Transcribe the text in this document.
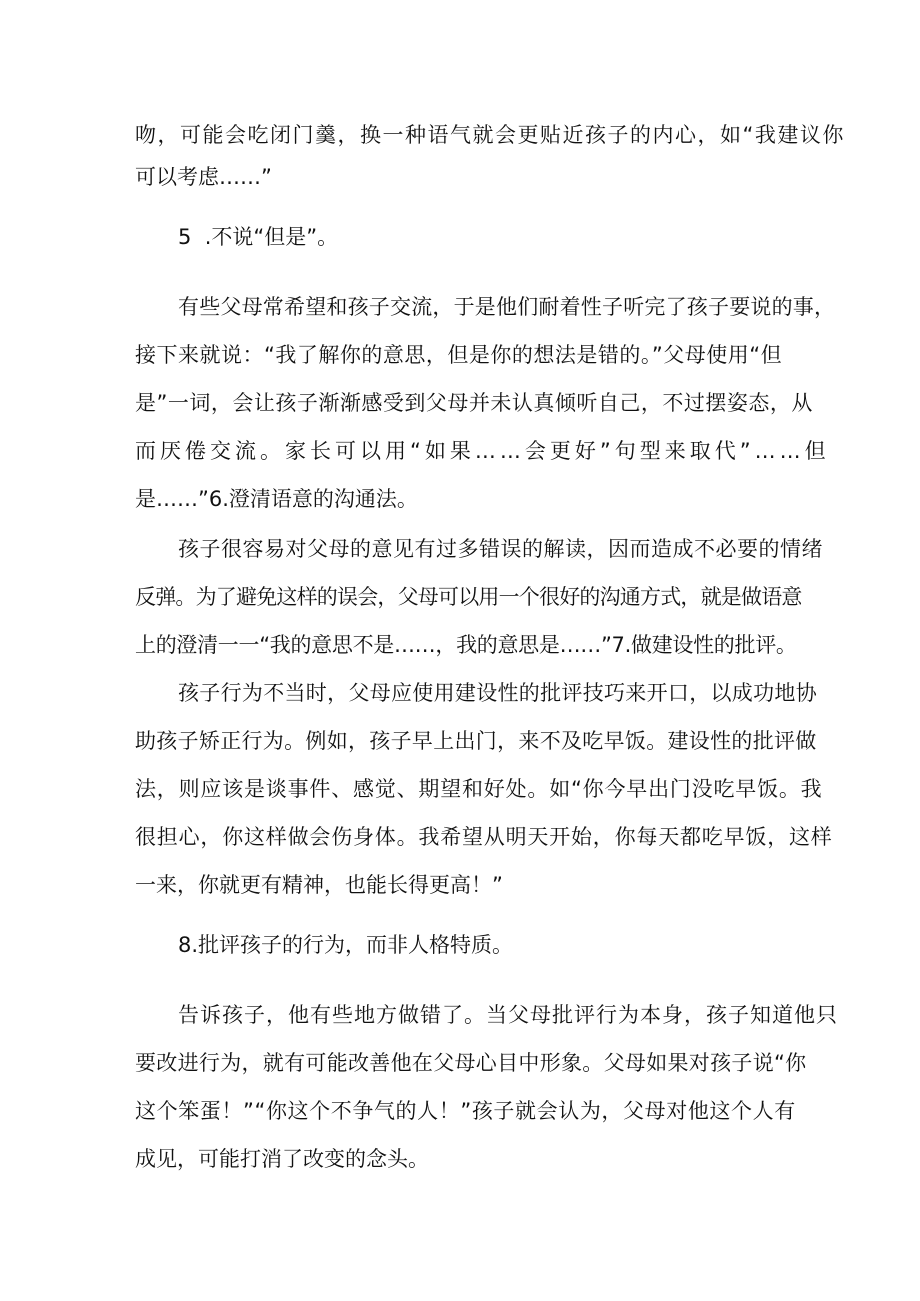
吻，可能会吃闭门羹，换一种语气就会更贴近孩子的内心，如“我建议你

可以考虑……”

5  .不说“但是”。

有些父母常希望和孩子交流，于是他们耐着性子听完了孩子要说的事，

接下来就说：“我了解你的意思，但是你的想法是错的。”父母使用“但

是”一词，会让孩子渐渐感受到父母并未认真倾听自己，不过摆姿态，从

而厌倦交流。家长可以用“如果……会更好”句型来取代”……但

是……”6.澄清语意的沟通法。

孩子很容易对父母的意见有过多错误的解读，因而造成不必要的情绪

反弹。为了避免这样的误会，父母可以用一个很好的沟通方式，就是做语意

上的澄清一一“我的意思不是……，我的意思是……”7.做建设性的批评。

孩子行为不当时，父母应使用建设性的批评技巧来开口，以成功地协

助孩子矫正行为。例如，孩子早上出门，来不及吃早饭。建设性的批评做

法，则应该是谈事件、感觉、期望和好处。如“你今早出门没吃早饭。我

很担心，你这样做会伤身体。我希望从明天开始，你每天都吃早饭，这样

一来，你就更有精神，也能长得更高！”

8.批评孩子的行为，而非人格特质。

告诉孩子，他有些地方做错了。当父母批评行为本身，孩子知道他只

要改进行为，就有可能改善他在父母心目中形象。父母如果对孩子说“你

这个笨蛋！”“你这个不争气的人！”孩子就会认为，父母对他这个人有

成见，可能打消了改变的念头。
